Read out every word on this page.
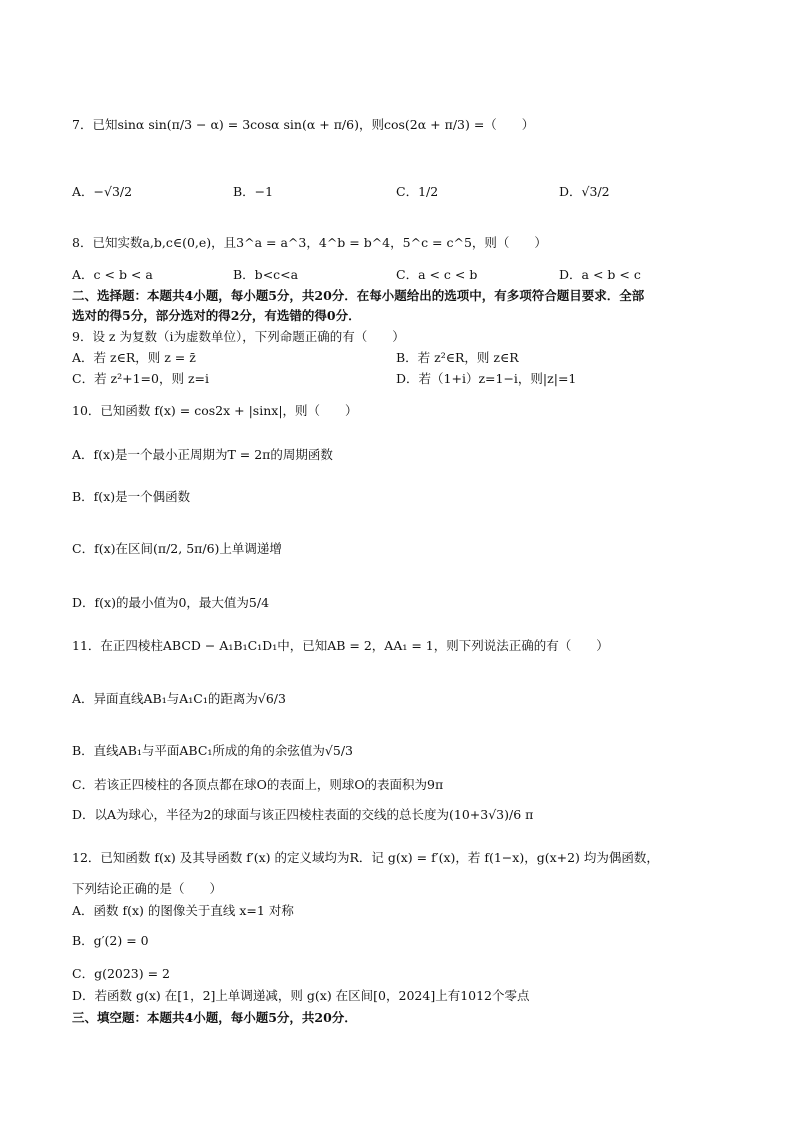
7．已知sinα sin(π/3 − α) = 3cosα sin(α + π/6)，则cos(2α + π/3) =（　　）
A．−√3/2	B．−1	C．1/2	D．√3/2
8．已知实数a,b,c∈(0,e)，且3^a = a^3，4^b = b^4，5^c = c^5，则（　　）
A．c < b < a	B．b<c<a	C．a < c < b	D．a < b < c
二、选择题：本题共4小题，每小题5分，共20分．在每小题给出的选项中，有多项符合题目要求．全部
选对的得5分，部分选对的得2分，有选错的得0分．
9．设 z 为复数（i为虚数单位），下列命题正确的有（　　）
A．若 z∈R，则 z = z̄	B．若 z²∈R，则 z∈R
C．若 z²+1=0，则 z=i	D．若（1+i）z=1−i，则|z|=1
10．已知函数 f(x) = cos2x + |sinx|，则（　　）
A．f(x)是一个最小正周期为T = 2π的周期函数
B．f(x)是一个偶函数
C．f(x)在区间(π/2, 5π/6)上单调递增
D．f(x)的最小值为0，最大值为5/4
11．在正四棱柱ABCD − A₁B₁C₁D₁中，已知AB = 2，AA₁ = 1，则下列说法正确的有（　　）
A．异面直线AB₁与A₁C₁的距离为√6/3
B．直线AB₁与平面ABC₁所成的角的余弦值为√5/3
C．若该正四棱柱的各顶点都在球O的表面上，则球O的表面积为9π
D．以A为球心，半径为2的球面与该正四棱柱表面的交线的总长度为(10+3√3)/6 π
12．已知函数 f(x) 及其导函数 f′(x) 的定义域均为R．记 g(x) = f′(x)，若 f(1−x)，g(x+2) 均为偶函数，
下列结论正确的是（　　）
A．函数 f(x) 的图像关于直线 x=1 对称
B．g′(2) = 0
C．g(2023) = 2
D．若函数 g(x) 在[1，2]上单调递减，则 g(x) 在区间[0，2024]上有1012个零点
三、填空题：本题共4小题，每小题5分，共20分．
